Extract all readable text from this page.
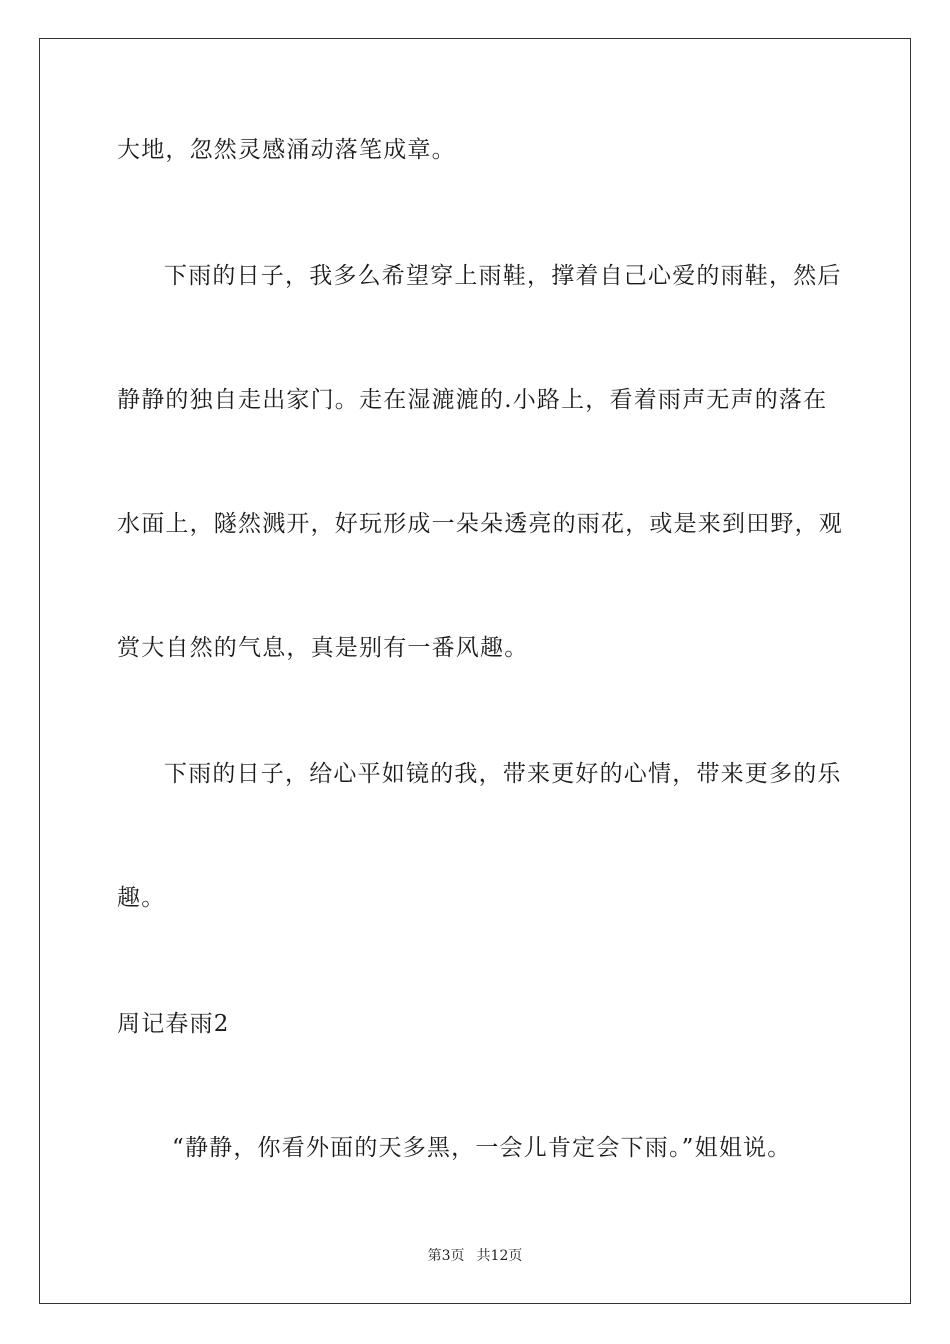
大地，忽然灵感涌动落笔成章。
下雨的日子，我多么希望穿上雨鞋，撑着自己心爱的雨鞋，然后
静静的独自走出家门。走在湿漉漉的.小路上，看着雨声无声的落在
水面上，隧然溅开，好玩形成一朵朵透亮的雨花，或是来到田野，观
赏大自然的气息，真是别有一番风趣。
下雨的日子，给心平如镜的我，带来更好的心情，带来更多的乐
趣。
周记春雨2
“静静，你看外面的天多黑，一会儿肯定会下雨。”姐姐说。
第3页 共12页
